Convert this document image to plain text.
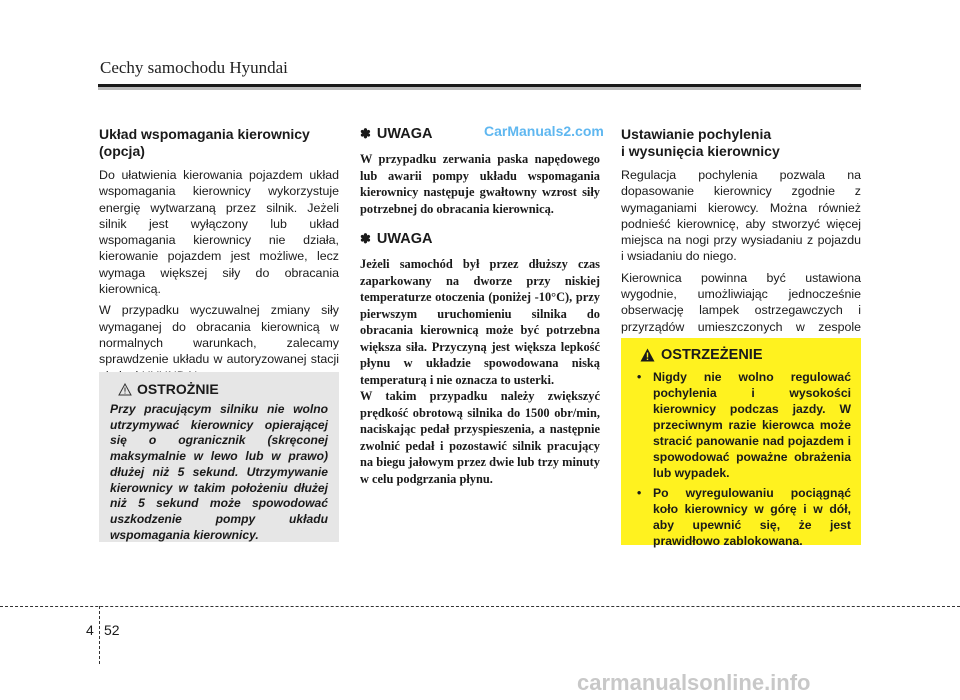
Cechy samochodu Hyundai
CarManuals2.com
Układ wspomagania kierownicy
(opcja)

Do ułatwienia kierowania pojazdem układ wspomagania kierownicy wykorzystuje energię wytwarzaną przez silnik. Jeżeli silnik jest wyłączony lub układ wspomagania kierownicy nie działa, kierowanie pojazdem jest możliwe, lecz wymaga większej siły do obracania kierownicą.

W przypadku wyczuwalnej zmiany siły wymaganej do obracania kierownicą w normalnych warunkach, zalecamy sprawdzenie układu w autoryzowanej stacji

OSTROŻNIE

Przy pracującym silniku nie wolno utrzymywać kierownicy opierającej się o ogranicznik (skręconej maksymalnie w lewo lub w prawo) dłużej niż 5 sekund. Utrzymywanie kierownicy w takim położeniu dłużej niż 5 sekund może spowodować uszkodzenie pompy układu wspomagania kierownicy.

✽ UWAGA

W przypadku zerwania paska napędowego lub awarii pompy układu wspomagania kierownicy następuje gwałtowny wzrost siły potrzebnej do obracania kierownicą.

✽ UWAGA

Jeżeli samochód był przez dłuższy czas zaparkowany na dworze przy niskiej temperaturze otoczenia (poniżej -10°C), przy pierwszym uruchomieniu silnika do obracania kierownicą może być potrzebna większa siła. Przyczyną jest większa lepkość płynu w układzie spowodowana niską temperaturą i nie oznacza to usterki.
W takim przypadku należy zwiększyć prędkość obrotową silnika do 1500 obr/min, naciskając pedał przyspieszenia, a następnie zwolnić pedał i pozostawić silnik pracujący na biegu jałowym przez dwie lub trzy minuty w celu podgrzania płynu.

Ustawianie pochylenia
i wysunięcia kierownicy

Regulacja pochylenia pozwala na dopasowanie kierownicy zgodnie z wymaganiami kierowcy. Można również podnieść kierownicę, aby stworzyć więcej miejsca na nogi przy wysiadaniu z pojazdu i wsiadaniu do niego.

Kierownica powinna być ustawiona wygodnie, umożliwiając jednocześnie obserwację lampek ostrzegawczych i przyrządów umieszczonych w zespole

OSTRZEŻENIE
• Nigdy nie wolno regulować pochylenia i wysokości kierownicy podczas jazdy. W przeciwnym razie kierowca może stracić panowanie nad pojazdem i spowodować poważne obrażenia lub wypadek.
• Po wyregulowaniu pociągnąć koło kierownicy w górę i w dół, aby upewnić się, że jest prawidłowo zablokowana.
4 52
carmanualsonline.info
